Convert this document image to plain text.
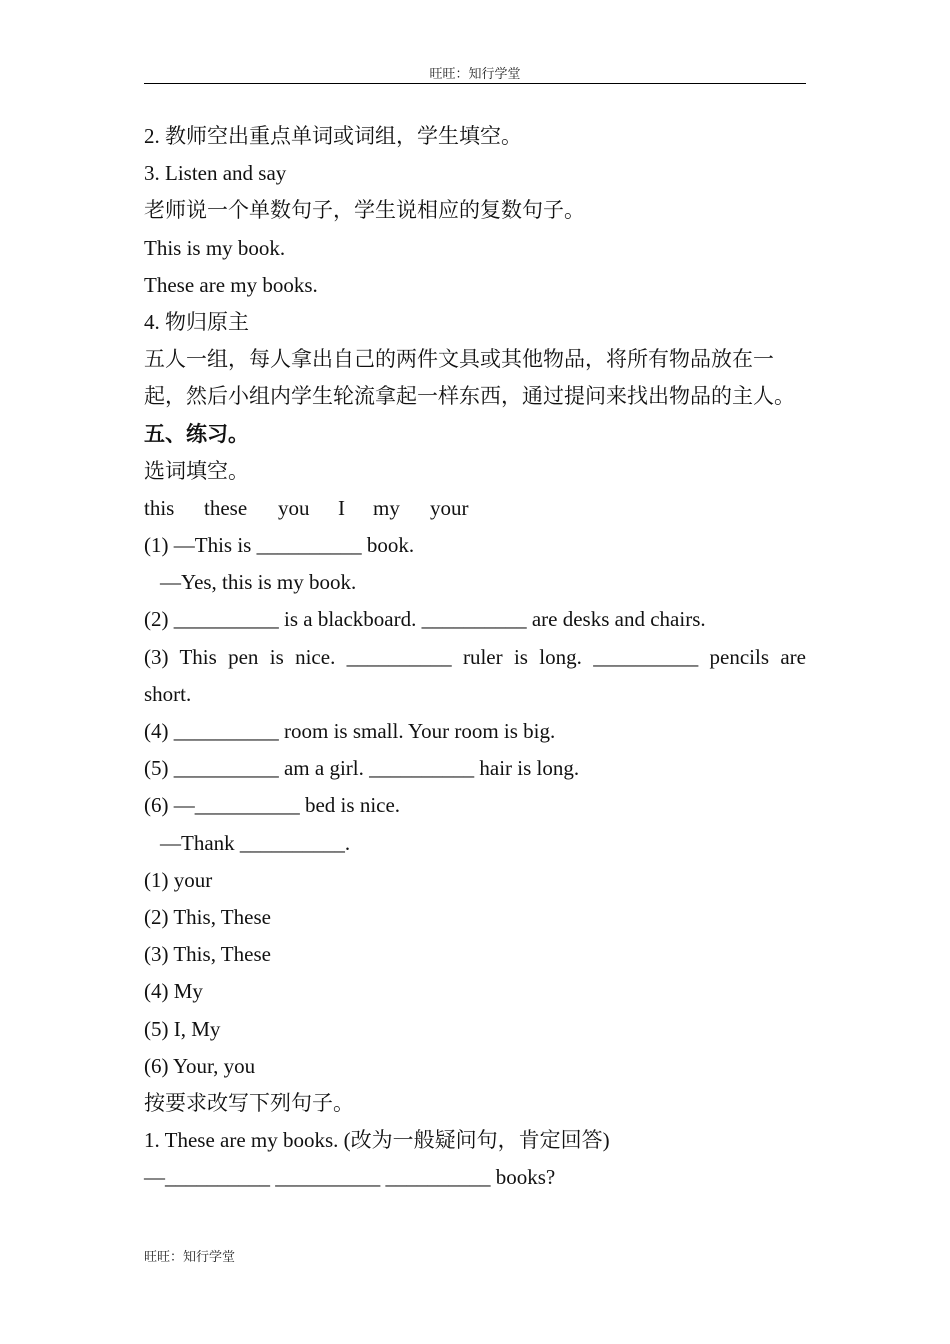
旺旺：知行学堂
2. 教师空出重点单词或词组，学生填空。
3. Listen and say
老师说一个单数句子，学生说相应的复数句子。
This is my book.
These are my books.
4. 物归原主
五人一组，每人拿出自己的两件文具或其他物品，将所有物品放在一
起，然后小组内学生轮流拿起一样东西，通过提问来找出物品的主人。
五、练习。
选词填空。
this	these	you	I	my	your
(1) —This is __________ book.
—Yes, this is my book.
(2) __________ is a blackboard. __________ are desks and chairs.
(3) This pen is nice. __________ ruler is long. __________ pencils are
short.
(4) __________ room is small. Your room is big.
(5) __________ am a girl. __________ hair is long.
(6) —__________ bed is nice.
—Thank __________.
(1) your
(2) This, These
(3) This, These
(4) My
(5) I, My
(6) Your, you
按要求改写下列句子。
1. These are my books. (改为一般疑问句，肯定回答)
—__________ __________ __________ books?
旺旺：知行学堂
